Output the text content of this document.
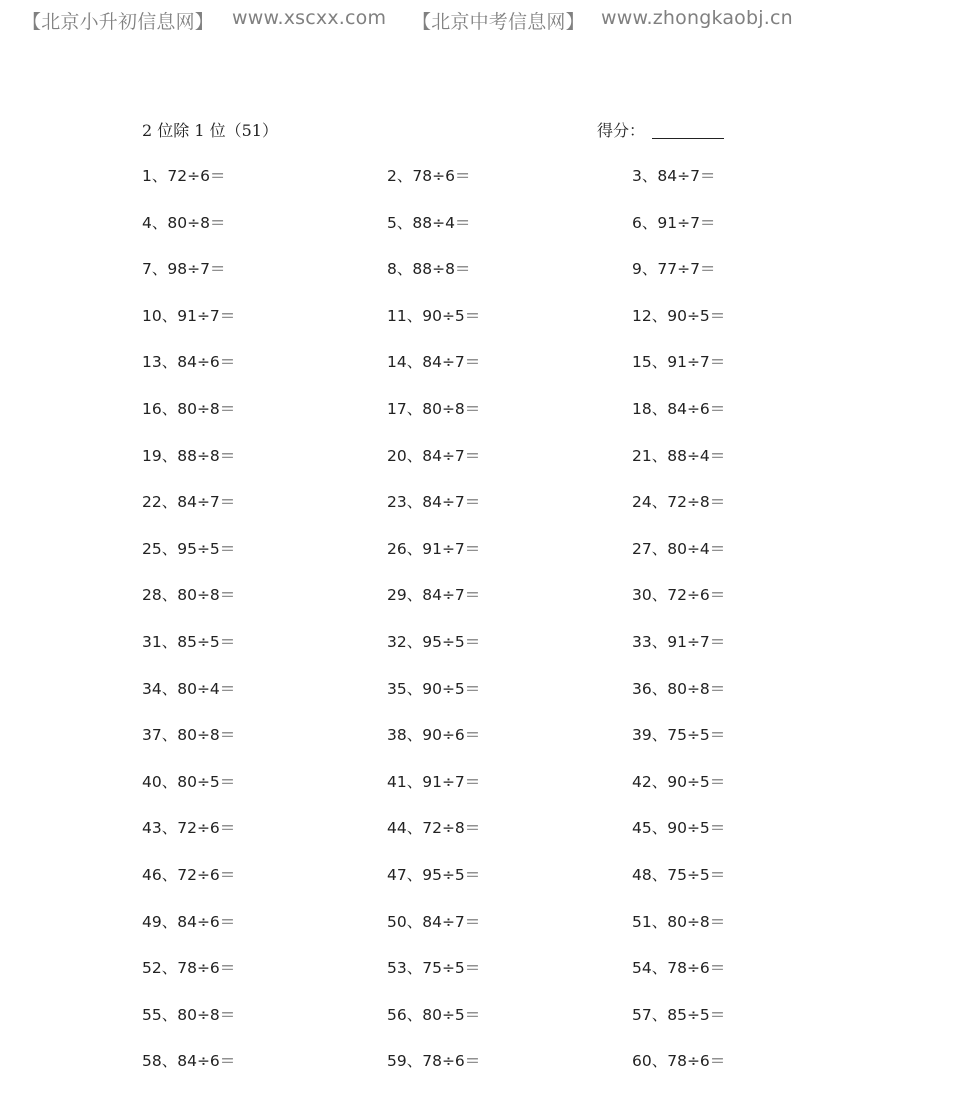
【北京小升初信息网】 www.xscxx.com 【北京中考信息网】 www.zhongkaobj.cn
2 位除 1 位（51）	得分：
1、72÷6＝	2、78÷6＝	3、84÷7＝
4、80÷8＝	5、88÷4＝	6、91÷7＝
7、98÷7＝	8、88÷8＝	9、77÷7＝
10、91÷7＝	11、90÷5＝	12、90÷5＝
13、84÷6＝	14、84÷7＝	15、91÷7＝
16、80÷8＝	17、80÷8＝	18、84÷6＝
19、88÷8＝	20、84÷7＝	21、88÷4＝
22、84÷7＝	23、84÷7＝	24、72÷8＝
25、95÷5＝	26、91÷7＝	27、80÷4＝
28、80÷8＝	29、84÷7＝	30、72÷6＝
31、85÷5＝	32、95÷5＝	33、91÷7＝
34、80÷4＝	35、90÷5＝	36、80÷8＝
37、80÷8＝	38、90÷6＝	39、75÷5＝
40、80÷5＝	41、91÷7＝	42、90÷5＝
43、72÷6＝	44、72÷8＝	45、90÷5＝
46、72÷6＝	47、95÷5＝	48、75÷5＝
49、84÷6＝	50、84÷7＝	51、80÷8＝
52、78÷6＝	53、75÷5＝	54、78÷6＝
55、80÷8＝	56、80÷5＝	57、85÷5＝
58、84÷6＝	59、78÷6＝	60、78÷6＝
